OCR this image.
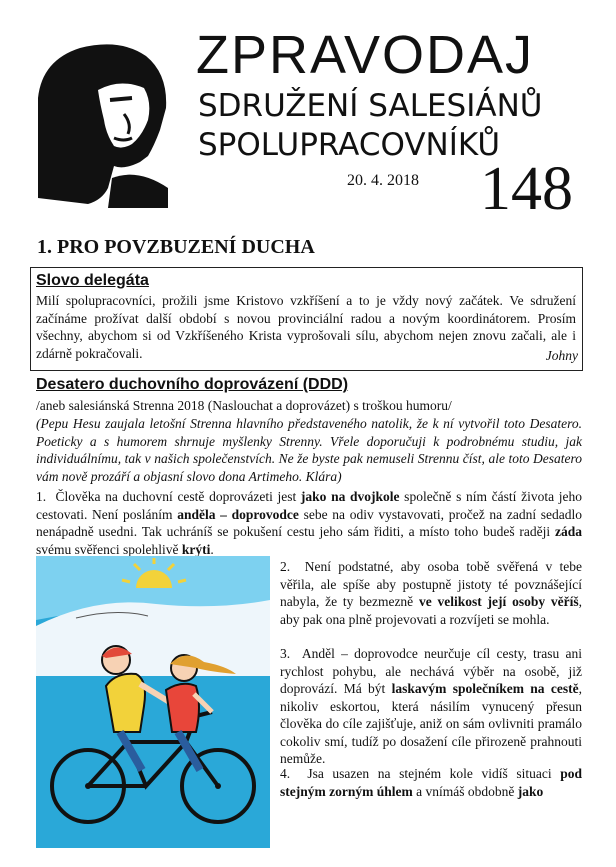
ZPRAVODAJ
SDRUŽENÍ SALESIÁNŮ
SPOLUPRACOVNÍKŮ
20. 4. 2018 148
1. PRO POVZBUZENÍ DUCHA
Slovo delegáta
Milí spolupracovníci, prožili jsme Kristovo vzkříšení a to je vždy nový začátek. Ve sdružení začínáme prožívat další období s novou provinciální radou a novým koordinátorem. Prosím všechny, abychom si od Vzkříšeného Krista vyprošovali sílu, abychom nejen znovu začali, ale i zdárně pokračovali.	Johny
Desatero duchovního doprovázení (DDD)
/aneb salesiánská Strenna 2018 (Naslouchat a doprovázet) s troškou humoru/
(Pepu Hesu zaujala letošní Strenna hlavního představeného natolik, že k ní vytvořil toto Desatero. Poeticky a s humorem shrnuje myšlenky Strenny. Vřele doporučuji k podrobnému studiu, jak individuálnímu, tak v našich společenstvích. Ne že byste pak nemuseli Strennu číst, ale toto Desatero vám nově prozáří a objasní slovo dona Artimeho. Klára)
1.  Člověka na duchovní cestě doprovázeti jest jako na dvojkole společně s ním částí života jeho cestovati. Není posláním anděla – doprovodce sebe na odiv vystavovati, pročež na zadní sedadlo nenápadně usedni. Tak uchráníš se pokušení cestu jeho sám řiditi, a místo toho budeš raději záda svému svěřenci spolehlivě krýti.
2.  Není podstatné, aby osoba tobě svěřená v tebe věřila, ale spíše aby postupně jistoty té povznášející nabyla, že ty bezmezně ve velikost její osoby věříš, aby pak ona plně projevovati a rozvíjeti se mohla.
3.  Anděl – doprovodce neurčuje cíl cesty, trasu ani rychlost pohybu, ale nechává výběr na osobě, již doprovází. Má být laskavým společníkem na cestě, nikoliv eskortou, která násilím vynucený přesun člověka do cíle zajišťuje, aniž on sám ovlivniti pramálo cokoliv smí, tudíž po dosažení cíle přirozeně prahnouti nemůže.
4.  Jsa usazen na stejném kole vidíš situaci pod stejným zorným úhlem a vnímáš obdobně jako
